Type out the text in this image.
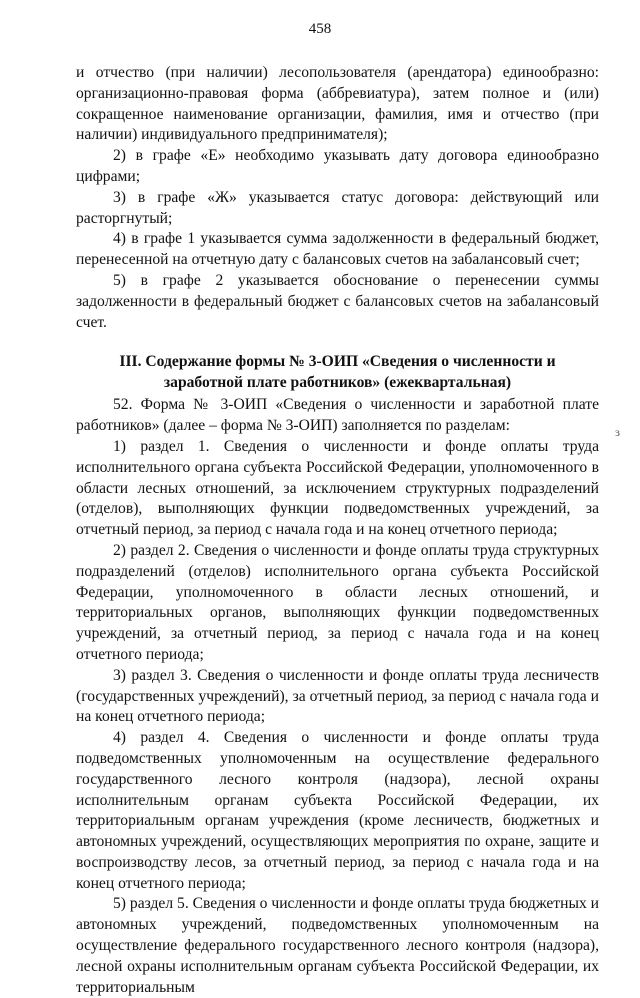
458

и отчество (при наличии) лесопользователя (арендатора) единообразно: организационно-правовая форма (аббревиатура), затем полное и (или) сокращенное наименование организации, фамилия, имя и отчество (при наличии) индивидуального предпринимателя);

2) в графе «Е» необходимо указывать дату договора единообразно цифрами;

3) в графе «Ж» указывается статус договора: действующий или расторгнутый;

4) в графе 1 указывается сумма задолженности в федеральный бюджет, перенесенной на отчетную дату с балансовых счетов на забалансовый счет;

5) в графе 2 указывается обоснование о перенесении суммы задолженности в федеральный бюджет с балансовых счетов на забалансовый счет.

III. Содержание формы № 3-ОИП «Сведения о численности и заработной плате работников» (ежеквартальная)

52. Форма № 3-ОИП «Сведения о численности и заработной плате работников» (далее – форма № 3-ОИП) заполняется по разделам:

1) раздел 1. Сведения о численности и фонде оплаты труда исполнительного органа субъекта Российской Федерации, уполномоченного в области лесных отношений, за исключением структурных подразделений (отделов), выполняющих функции подведомственных учреждений, за отчетный период, за период с начала года и на конец отчетного периода;

2) раздел 2. Сведения о численности и фонде оплаты труда структурных подразделений (отделов) исполнительного органа субъекта Российской Федерации, уполномоченного в области лесных отношений, и территориальных органов, выполняющих функции подведомственных учреждений, за отчетный период, за период с начала года и на конец отчетного периода;

3) раздел 3. Сведения о численности и фонде оплаты труда лесничеств (государственных учреждений), за отчетный период, за период с начала года и на конец отчетного периода;

4) раздел 4. Сведения о численности и фонде оплаты труда подведомственных уполномоченным на осуществление федерального государственного лесного контроля (надзора), лесной охраны исполнительным органам субъекта Российской Федерации, их территориальным органам учреждения (кроме лесничеств, бюджетных и автономных учреждений, осуществляющих мероприятия по охране, защите и воспроизводству лесов, за отчетный период, за период с начала года и на конец отчетного периода;

5) раздел 5. Сведения о численности и фонде оплаты труда бюджетных и автономных учреждений, подведомственных уполномоченным на осуществление федерального государственного лесного контроля (надзора), лесной охраны исполнительным органам субъекта Российской Федерации, их территориальным

ɜ
